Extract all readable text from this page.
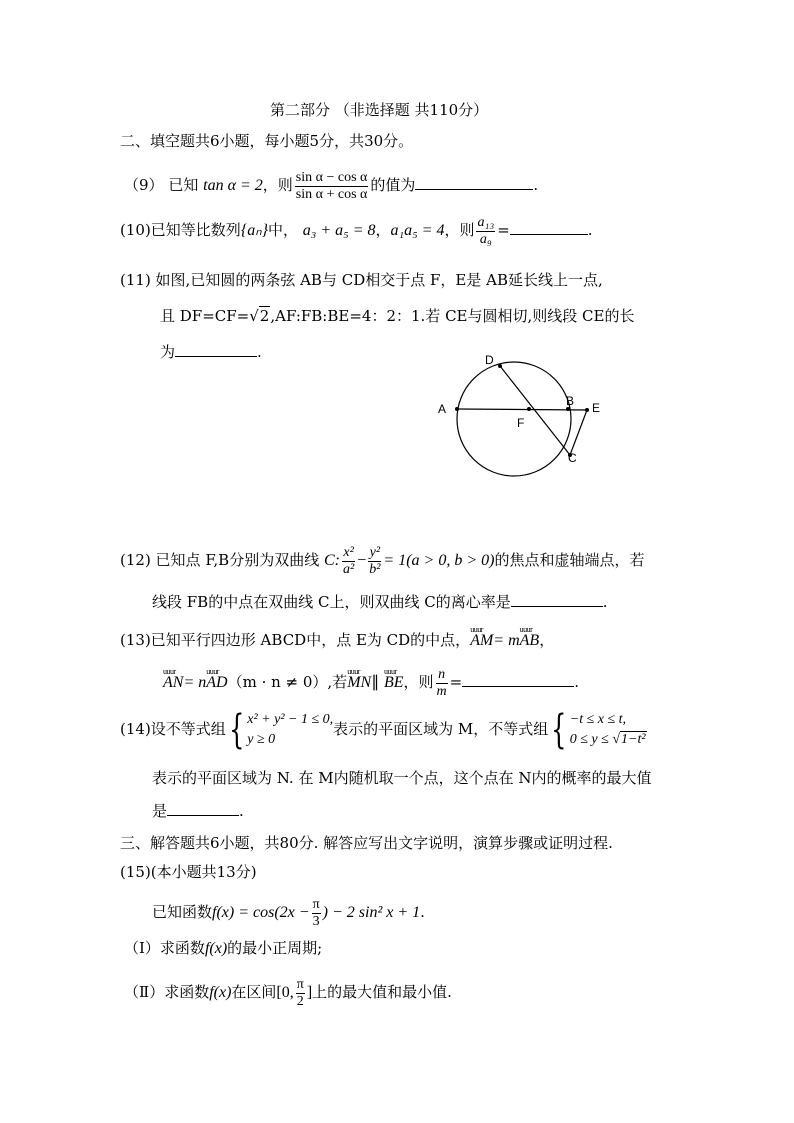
第二部分 （非选择题 共110分）
二、填空题共6小题，每小题5分，共30分。
（9） 已知 tan α = 2，则 $\frac{\text{sin α − cos α}}{\text{sin α + cos α}}$ 的值为	.
(10)已知等比数列{aₙ}中， a₃ + a₅ = 8，a₁a₅ = 4，则 $\frac{\text{a₁₃}}{\text{a₉}}$ =	.
(11) 如图,已知圆的两条弦 AB与 CD相交于点 F，E是 AB延长线上一点,
且 DF=CF=√2,AF:FB:BE=4：2：1.若 CE与圆相切,则线段 CE的长
为	.
A
D
F
B E
C
(12) 已知点 F,B分别为双曲线 C: $\frac{\text{x²}}{\text{a²}} - \frac{\text{y²}}{\text{b²}} = 1(a > 0$, b > 0)的焦点和虚轴端点，若
线段 FB的中点在双曲线 C上，则双曲线 C的离心率是	.
(13)已知平行四边形 ABCD中，点 E为 CD的中点，uuur AM= muuur AB，
uuur AN= nuuur AD（m · n ≠ 0）,若uuur MN∥ uuur BE，则 $\frac{n}{m}$ =	.
(14)设不等式组{ x² + y² − 1 ≤ 0,
y ≥ 0
表示的平面区域为 M，不等式组{ −t ≤ x ≤ t,
0 ≤ y ≤ √1−t²
表示的平面区域为 N. 在 M内随机取一个点，这个点在 N内的概率的最大值
是	.
三、解答题共6小题，共80分. 解答应写出文字说明，演算步骤或证明过程.
(15)(本小题共13分)
已知函数$f(x) = \cos(2x - \frac{\pi}{3}$ ) − 2 sin² x + 1.
（Ⅰ）求函数f(x)的最小正周期;
（Ⅱ）求函数f(x)在区间[0, $\frac{\pi}{2}$ ]上的最大值和最小值.
